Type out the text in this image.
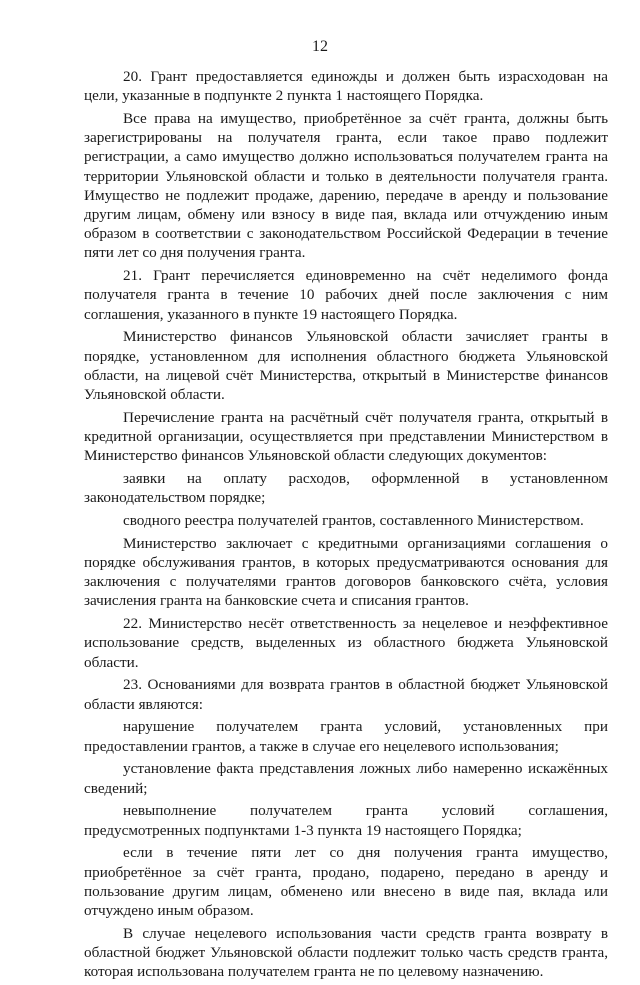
12

20. Грант предоставляется единожды и должен быть израсходован на цели, указанные в подпункте 2 пункта 1 настоящего Порядка.

Все права на имущество, приобретённое за счёт гранта, должны быть зарегистрированы на получателя гранта, если такое право подлежит регистрации, а само имущество должно использоваться получателем гранта на территории Ульяновской области и только в деятельности получателя гранта. Имущество не подлежит продаже, дарению, передаче в аренду и пользование другим лицам, обмену или взносу в виде пая, вклада или отчуждению иным образом в соответствии с законодательством Российской Федерации в течение пяти лет со дня получения гранта.

21. Грант перечисляется единовременно на счёт неделимого фонда получателя гранта в течение 10 рабочих дней после заключения с ним соглашения, указанного в пункте 19 настоящего Порядка.

Министерство финансов Ульяновской области зачисляет гранты в порядке, установленном для исполнения областного бюджета Ульяновской области, на лицевой счёт Министерства, открытый в Министерстве финансов Ульяновской области.

Перечисление гранта на расчётный счёт получателя гранта, открытый в кредитной организации, осуществляется при представлении Министерством в Министерство финансов Ульяновской области следующих документов:

заявки на оплату расходов, оформленной в установленном законодательством порядке;

сводного реестра получателей грантов, составленного Министерством.

Министерство заключает с кредитными организациями соглашения о порядке обслуживания грантов, в которых предусматриваются основания для заключения с получателями грантов договоров банковского счёта, условия зачисления гранта на банковские счета и списания грантов.

22. Министерство несёт ответственность за нецелевое и неэффективное использование средств, выделенных из областного бюджета Ульяновской области.

23. Основаниями для возврата грантов в областной бюджет Ульяновской области являются:

нарушение получателем гранта условий, установленных при предоставлении грантов, а также в случае его нецелевого использования;

установление факта представления ложных либо намеренно искажённых сведений;

невыполнение получателем гранта условий соглашения, предусмотренных подпунктами 1-3 пункта 19 настоящего Порядка;

если в течение пяти лет со дня получения гранта имущество, приобретённое за счёт гранта, продано, подарено, передано в аренду и пользование другим лицам, обменено или внесено в виде пая, вклада или отчуждено иным образом.

В случае нецелевого использования части средств гранта возврату в областной бюджет Ульяновской области подлежит только часть средств гранта, которая использована получателем гранта не по целевому назначению.
